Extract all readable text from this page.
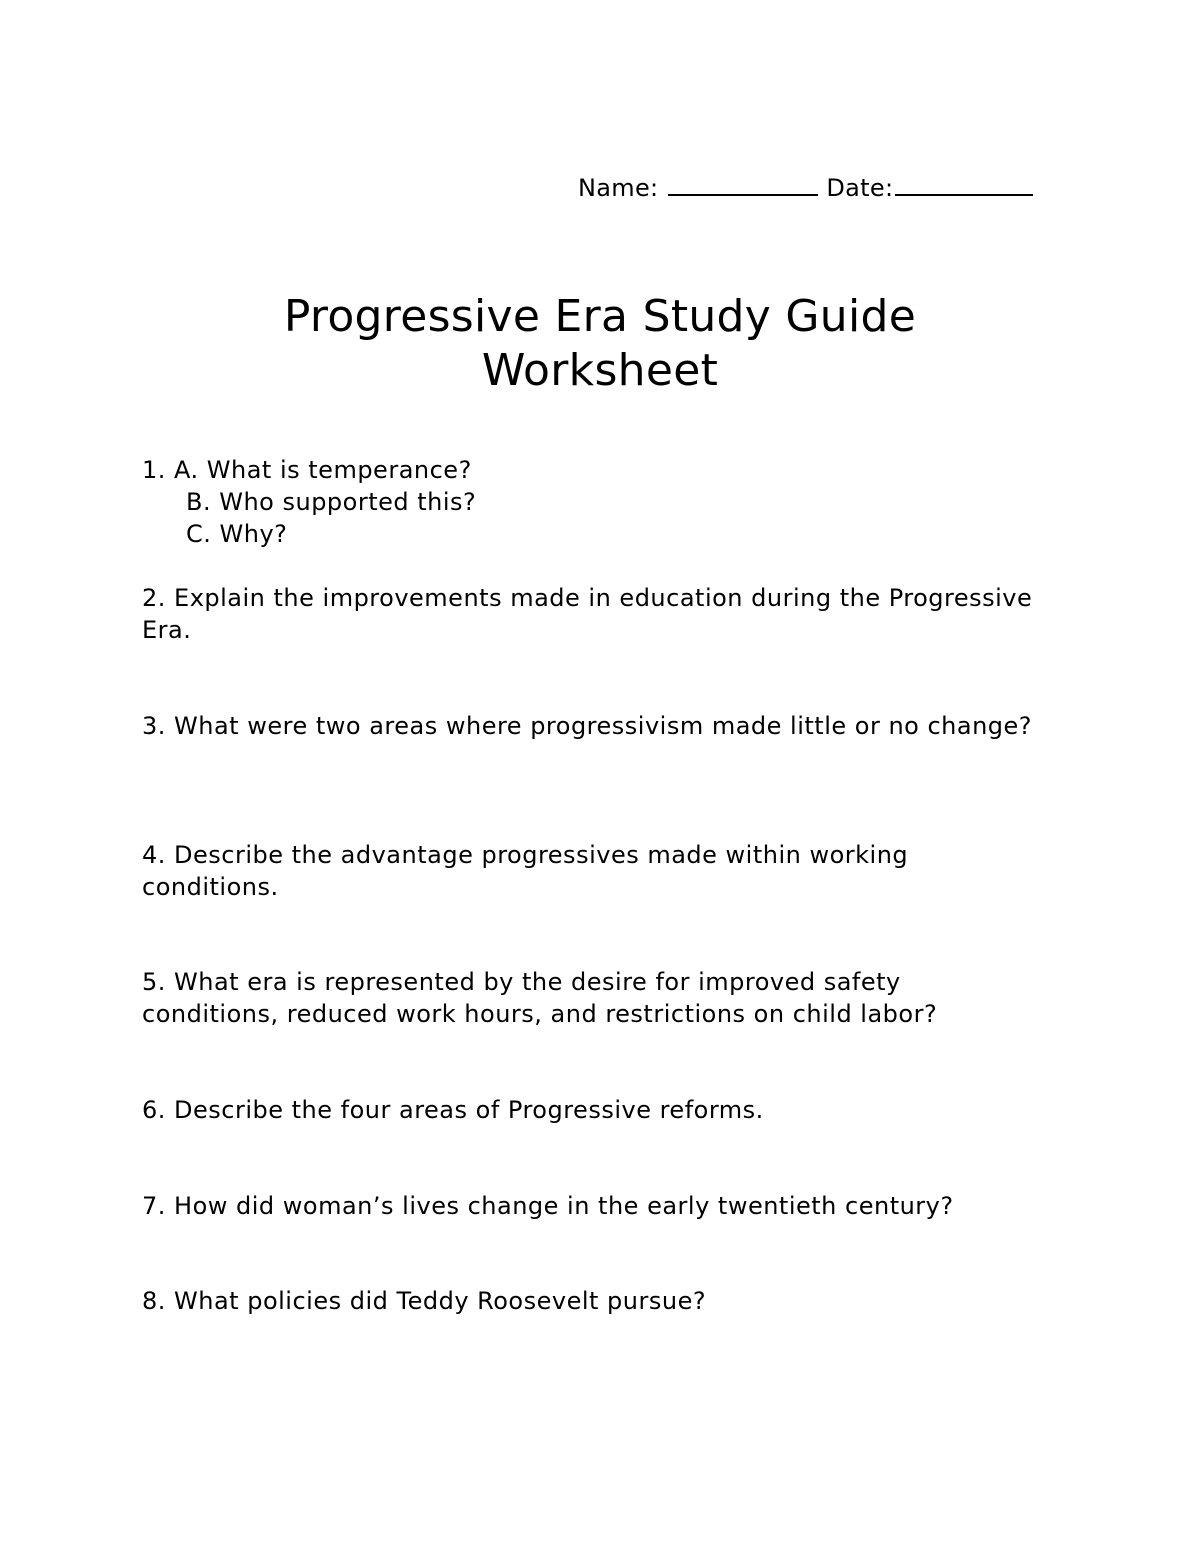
Name:	Date:
Progressive Era Study Guide
Worksheet
1. A. What is temperance?
B. Who supported this?
C. Why?

2. Explain the improvements made in education during the Progressive Era.

3. What were two areas where progressivism made little or no change?

4. Describe the advantage progressives made within working conditions.

5. What era is represented by the desire for improved safety conditions, reduced work hours, and restrictions on child labor?

6. Describe the four areas of Progressive reforms.

7. How did woman’s lives change in the early twentieth century?

8. What policies did Teddy Roosevelt pursue?
